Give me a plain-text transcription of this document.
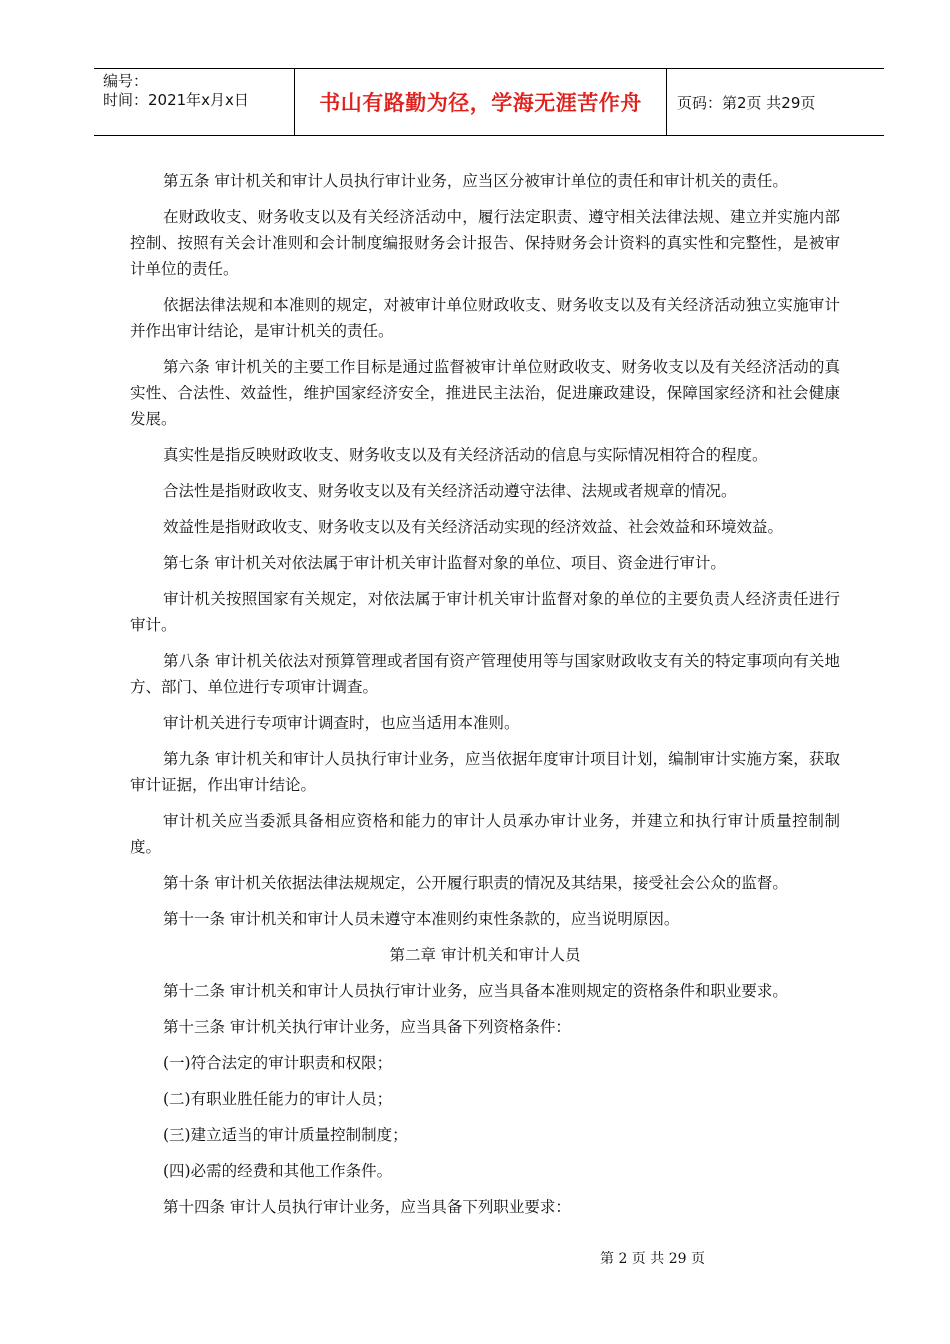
编号：
时间：2021年x月x日	书山有路勤为径，学海无涯苦作舟	页码：第2页 共29页

第五条 审计机关和审计人员执行审计业务，应当区分被审计单位的责任和审计机关的责任。

在财政收支、财务收支以及有关经济活动中，履行法定职责、遵守相关法律法规、建立并实施内部控制、按照有关会计准则和会计制度编报财务会计报告、保持财务会计资料的真实性和完整性，是被审计单位的责任。

依据法律法规和本准则的规定，对被审计单位财政收支、财务收支以及有关经济活动独立实施审计并作出审计结论，是审计机关的责任。

第六条 审计机关的主要工作目标是通过监督被审计单位财政收支、财务收支以及有关经济活动的真实性、合法性、效益性，维护国家经济安全，推进民主法治，促进廉政建设，保障国家经济和社会健康发展。

真实性是指反映财政收支、财务收支以及有关经济活动的信息与实际情况相符合的程度。

合法性是指财政收支、财务收支以及有关经济活动遵守法律、法规或者规章的情况。

效益性是指财政收支、财务收支以及有关经济活动实现的经济效益、社会效益和环境效益。

第七条 审计机关对依法属于审计机关审计监督对象的单位、项目、资金进行审计。

审计机关按照国家有关规定，对依法属于审计机关审计监督对象的单位的主要负责人经济责任进行审计。

第八条 审计机关依法对预算管理或者国有资产管理使用等与国家财政收支有关的特定事项向有关地方、部门、单位进行专项审计调查。

审计机关进行专项审计调查时，也应当适用本准则。

第九条 审计机关和审计人员执行审计业务，应当依据年度审计项目计划，编制审计实施方案，获取审计证据，作出审计结论。

审计机关应当委派具备相应资格和能力的审计人员承办审计业务，并建立和执行审计质量控制制度。

第十条 审计机关依据法律法规规定，公开履行职责的情况及其结果，接受社会公众的监督。

第十一条 审计机关和审计人员未遵守本准则约束性条款的，应当说明原因。

第二章 审计机关和审计人员

第十二条 审计机关和审计人员执行审计业务，应当具备本准则规定的资格条件和职业要求。

第十三条 审计机关执行审计业务，应当具备下列资格条件：

(一)符合法定的审计职责和权限；

(二)有职业胜任能力的审计人员；

(三)建立适当的审计质量控制制度；

(四)必需的经费和其他工作条件。

第十四条 审计人员执行审计业务，应当具备下列职业要求：

第 2 页 共 29 页
